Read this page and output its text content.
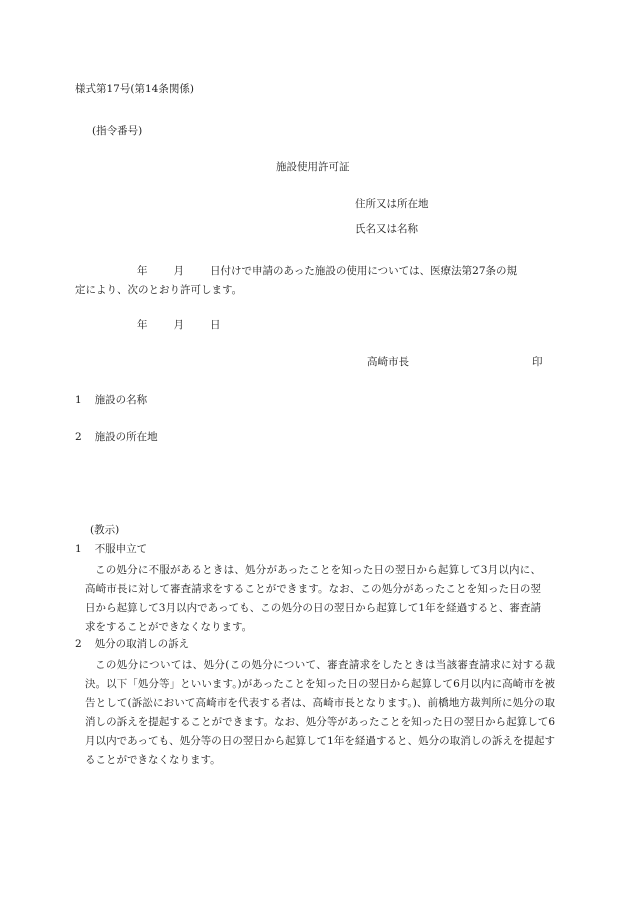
様式第17号(第14条関係)
(指令番号)
施設使用許可証
住所又は所在地
氏名又は名称
年 月 日付けで申請のあった施設の使用については、医療法第27条の規
定により、次のとおり許可します。
年 月 日
高崎市長	印
1 施設の名称
2 施設の所在地
(教示)
1 不服申立て

この処分に不服があるときは、処分があったことを知った日の翌日から起算して3月以内に、高崎市長に対して審査請求をすることができます。なお、この処分があったことを知った日の翌日から起算して3月以内であっても、この処分の日の翌日から起算して1年を経過すると、審査請求をすることができなくなります。

2 処分の取消しの訴え

この処分については、処分(この処分について、審査請求をしたときは当該審査請求に対する裁決。以下「処分等」といいます。)があったことを知った日の翌日から起算して6月以内に高崎市を被告として(訴訟において高崎市を代表する者は、高崎市長となります。)、前橋地方裁判所に処分の取消しの訴えを提起することができます。なお、処分等があったことを知った日の翌日から起算して6月以内であっても、処分等の日の翌日から起算して1年を経過すると、処分の取消しの訴えを提起することができなくなります。
